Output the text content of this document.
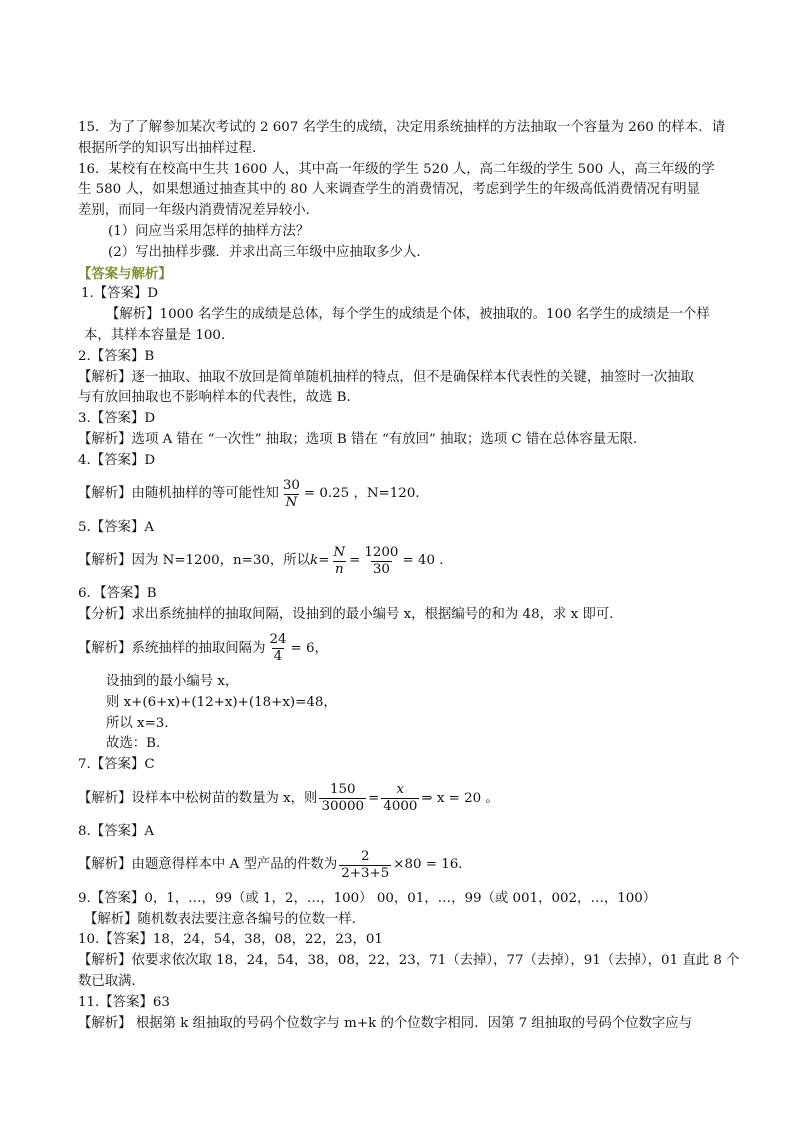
15．为了了解参加某次考试的 2 607 名学生的成绩，决定用系统抽样的方法抽取一个容量为 260 的样本．请

根据所学的知识写出抽样过程．

16．某校有在校高中生共 1600 人，其中高一年级的学生 520 人，高二年级的学生 500 人，高三年级的学

生 580 人，如果想通过抽查其中的 80 人来调查学生的消费情况，考虑到学生的年级高低消费情况有明显

差别，而同一年级内消费情况差异较小．

(1）问应当采用怎样的抽样方法？

(2）写出抽样步骤．并求出高三年级中应抽取多少人．

【答案与解析】

1.【答案】D

【解析】1000 名学生的成绩是总体，每个学生的成绩是个体，被抽取的。100 名学生的成绩是一个样

本，其样本容量是 100．

2.【答案】B

【解析】逐一抽取、抽取不放回是简单随机抽样的特点，但不是确保样本代表性的关键，抽签时一次抽取

与有放回抽取也不影响样本的代表性，故选 B．

3.【答案】D

【解析】选项 A 错在 “一次性” 抽取；选项 B 错在 “有放回” 抽取；选项 C 错在总体容量无限．

4.【答案】D

【解析】由随机抽样的等可能性知 $\frac{30}{N} = 0.25$ ，N=120．

5.【答案】A

【解析】因为 N=1200，n=30，所以 $k = \frac{N}{n} = \frac{1200}{30} = 40$ ．

6．【答案】B

【分析】求出系统抽样的抽取间隔，设抽到的最小编号 x，根据编号的和为 48，求 x 即可．

【解析】系统抽样的抽取间隔为 $\frac{24}{4} = 6$，

设抽到的最小编号 x，

则 x+(6+x)+(12+x)+(18+x)=48，

所以 x=3．

故选：B．

7.【答案】C

【解析】设样本中松树苗的数量为 x，则 $\frac{150}{30000} = \frac{x}{4000}$ ⇒ x = 20 。

8.【答案】A

【解析】由题意得样本中 A 型产品的件数为 $\frac{2}{2+3+5} \times 80 = 16$．

9.【答案】0，1，…，99（或 1，2，…，100） 00，01，…，99（或 001，002，…，100）

【解析】随机数表法要注意各编号的位数一样．

10.【答案】18，24，54，38，08，22，23，01

【解析】依要求依次取 18，24，54，38，08，22，23，71（去掉），77（去掉），91（去掉），01 直此 8 个

数已取满．

11.【答案】63

【解析】 根据第 k 组抽取的号码个位数字与 m+k 的个位数字相同．因第 7 组抽取的号码个位数字应与
